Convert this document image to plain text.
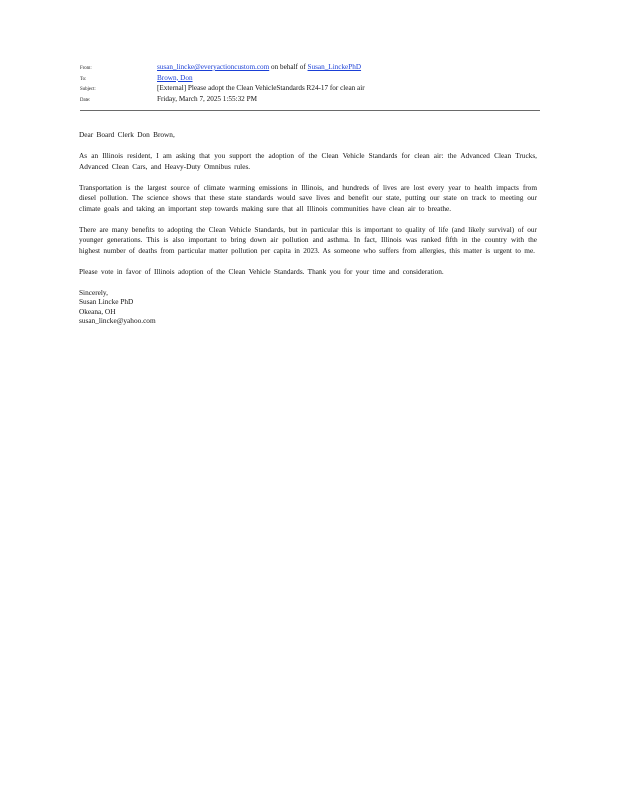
From:	susan_lincke@everyactioncustom.com on behalf of Susan_LinckePhD
To:	Brown, Don
Subject:	[External] Please adopt the Clean VehicleStandards R24-17 for clean air
Date:	Friday, March 7, 2025 1:55:32 PM

Dear Board Clerk Don Brown,

As an Illinois resident, I am asking that you support the adoption of the Clean Vehicle Standards for clean air: the Advanced Clean Trucks, Advanced Clean Cars, and Heavy-Duty Omnibus rules.

Transportation is the largest source of climate warming emissions in Illinois, and hundreds of lives are lost every year to health impacts from diesel pollution. The science shows that these state standards would save lives and benefit our state, putting our state on track to meeting our climate goals and taking an important step towards making sure that all Illinois communities have clean air to breathe.

There are many benefits to adopting the Clean Vehicle Standards, but in particular this is important to quality of life (and likely survival) of our younger generations. This is also important to bring down air pollution and asthma. In fact, Illinois was ranked fifth in the country with the highest number of deaths from particular matter pollution per capita in 2023. As someone who suffers from allergies, this matter is urgent to me.

Please vote in favor of Illinois adoption of the Clean Vehicle Standards. Thank you for your time and consideration.

Sincerely,
Susan Lincke PhD
Okeana, OH
susan_lincke@yahoo.com
